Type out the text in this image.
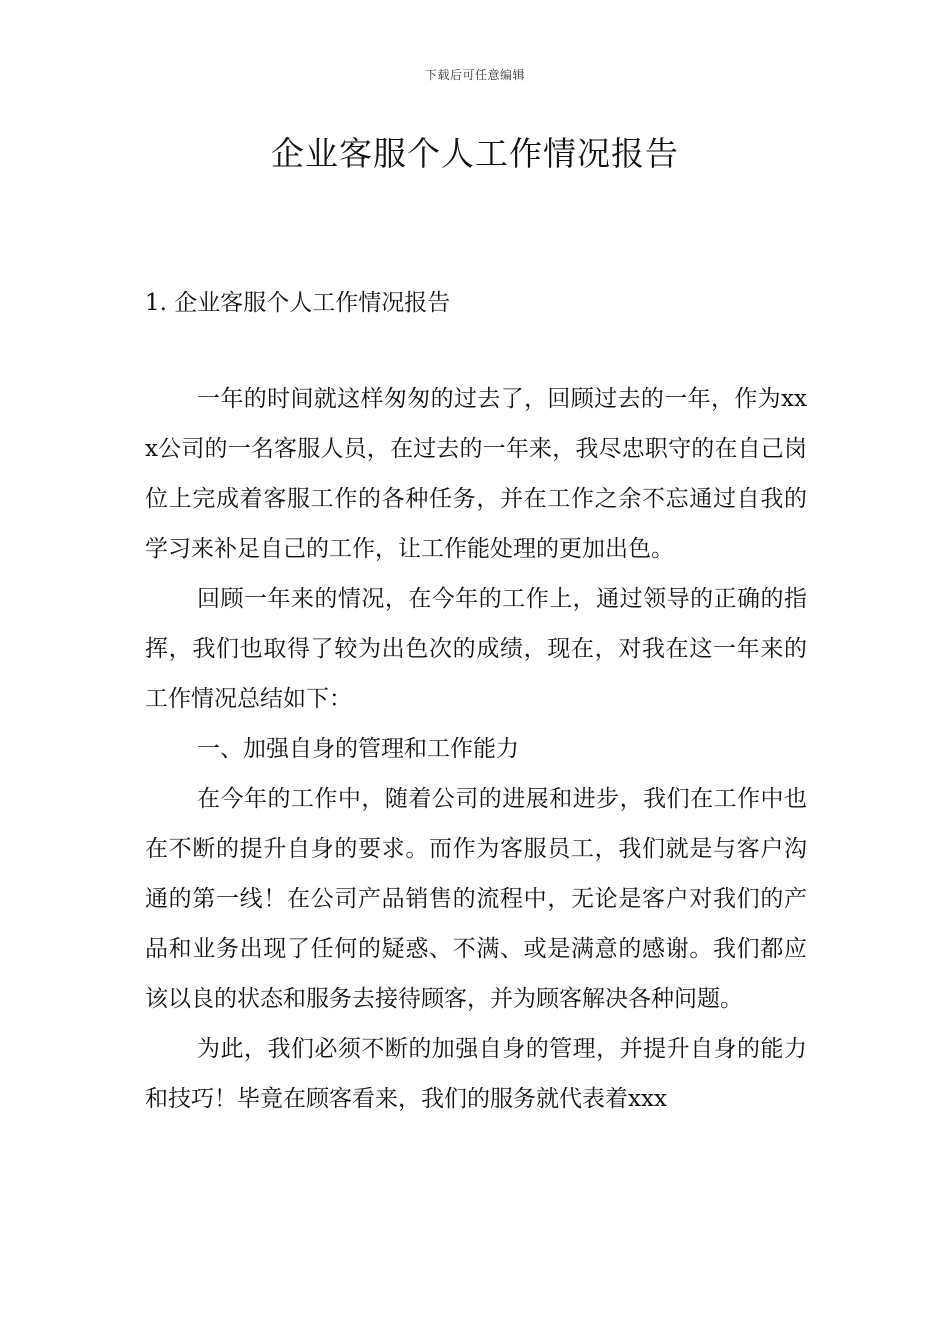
下载后可任意编辑
企业客服个人工作情况报告
1. 企业客服个人工作情况报告

一年的时间就这样匆匆的过去了，回顾过去的一年，作为xxx公司的一名客服人员，在过去的一年来，我尽忠职守的在自己岗位上完成着客服工作的各种任务，并在工作之余不忘通过自我的学习来补足自己的工作，让工作能处理的更加出色。

回顾一年来的情况，在今年的工作上，通过领导的正确的指挥，我们也取得了较为出色次的成绩，现在，对我在这一年来的工作情况总结如下：

一、加强自身的管理和工作能力

在今年的工作中，随着公司的进展和进步，我们在工作中也在不断的提升自身的要求。而作为客服员工，我们就是与客户沟通的第一线！在公司产品销售的流程中，无论是客户对我们的产品和业务出现了任何的疑惑、不满、或是满意的感谢。我们都应该以良的状态和服务去接待顾客，并为顾客解决各种问题。

为此，我们必须不断的加强自身的管理，并提升自身的能力和技巧！毕竟在顾客看来，我们的服务就代表着xxx
